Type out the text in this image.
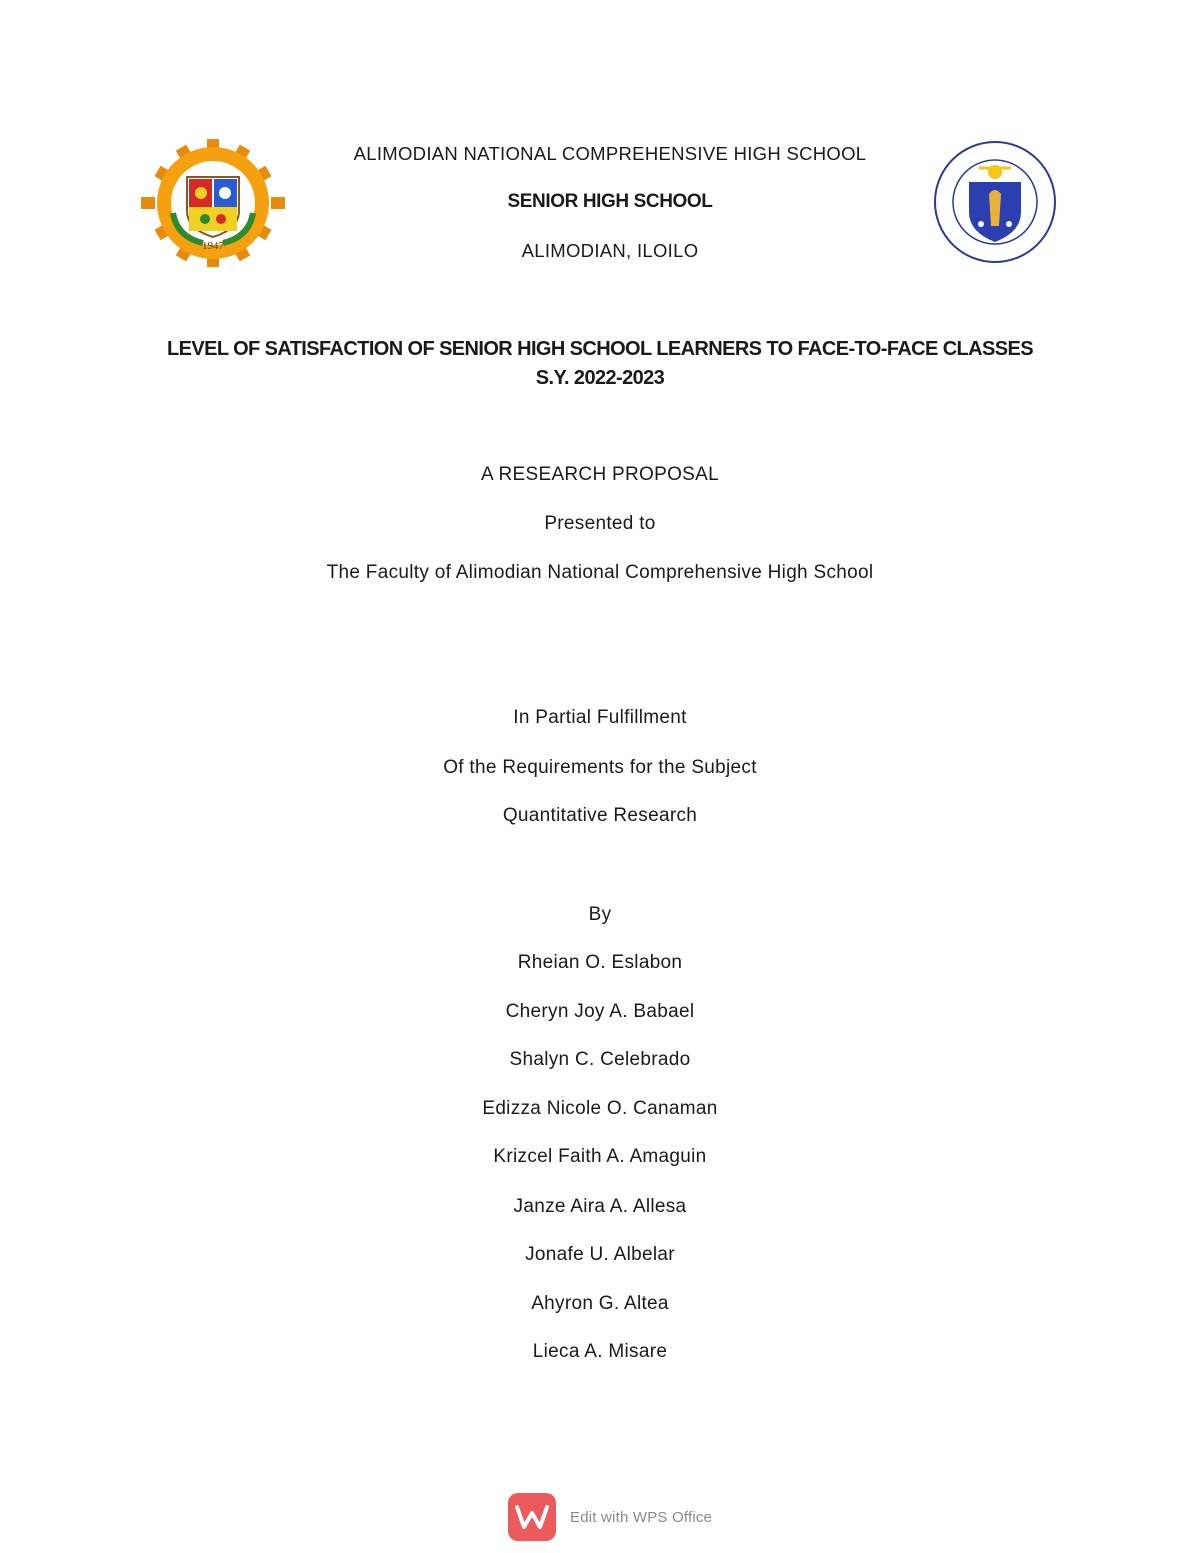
1947
ALIMODIAN NATIONAL COMPREHENSIVE HIGH SCHOOL
SENIOR HIGH SCHOOL
ALIMODIAN, ILOILO
LEVEL OF SATISFACTION OF SENIOR HIGH SCHOOL LEARNERS TO FACE-TO-FACE CLASSES
S.Y. 2022-2023
A RESEARCH PROPOSAL
Presented to
The Faculty of Alimodian National Comprehensive High School
In Partial Fulfillment
Of the Requirements for the Subject
Quantitative Research
By
Rheian O. Eslabon
Cheryn Joy A. Babael
Shalyn C. Celebrado
Edizza Nicole O. Canaman
Krizcel Faith A. Amaguin
Janze Aira A. Allesa
Jonafe U. Albelar
Ahyron G. Altea
Lieca A. Misare
Edit with WPS Office
